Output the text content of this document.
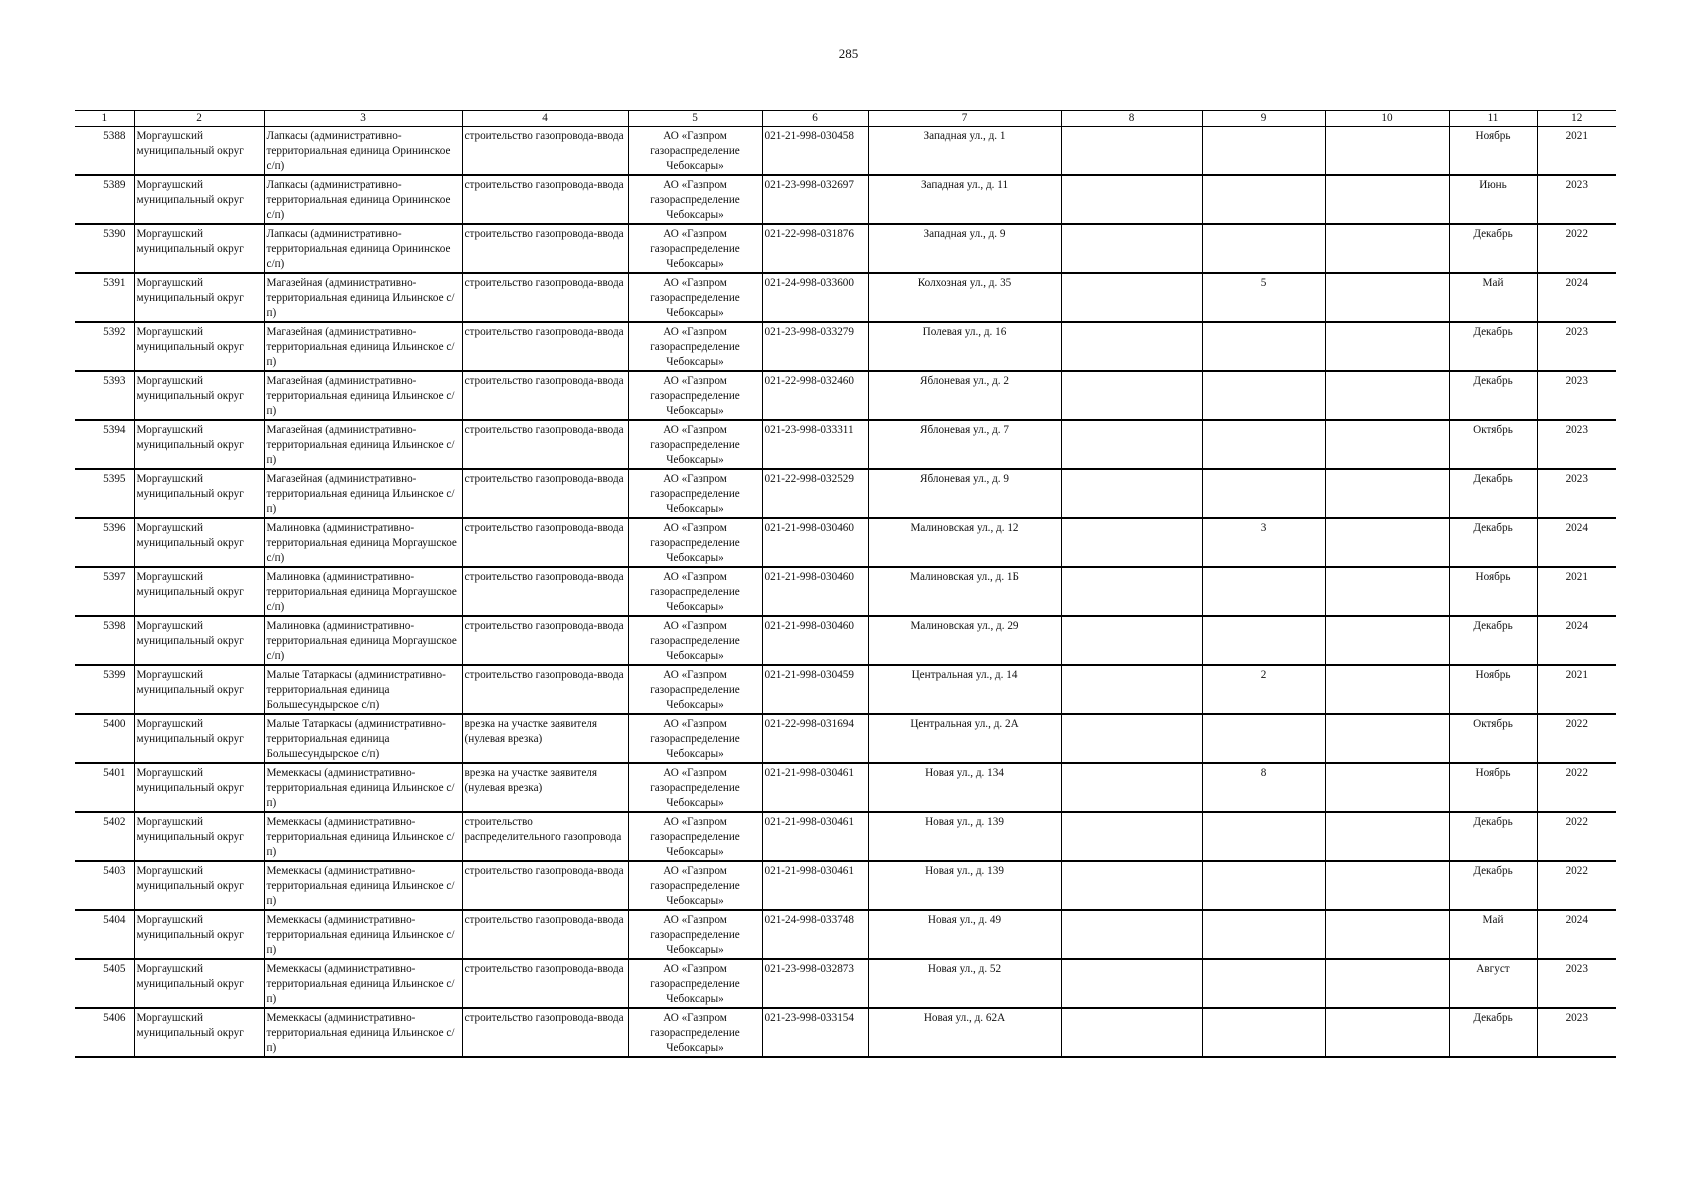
285
1	2	3	4	5	6	7	8	9	10	11	12
5388	Моргаушский муниципальный округ	Лапкасы (административно-территориальная единица Орининское с/п)	строительство газопровода-ввода	АО «Газпром газораспределение Чебоксары»	021-21-998-030458	Западная ул., д. 1				Ноябрь	2021
5389	Моргаушский муниципальный округ	Лапкасы (административно-территориальная единица Орининское с/п)	строительство газопровода-ввода	АО «Газпром газораспределение Чебоксары»	021-23-998-032697	Западная ул., д. 11				Июнь	2023
5390	Моргаушский муниципальный округ	Лапкасы (административно-территориальная единица Орининское с/п)	строительство газопровода-ввода	АО «Газпром газораспределение Чебоксары»	021-22-998-031876	Западная ул., д. 9				Декабрь	2022
5391	Моргаушский муниципальный округ	Магазейная (административно-территориальная единица Ильинское с/п)	строительство газопровода-ввода	АО «Газпром газораспределение Чебоксары»	021-24-998-033600	Колхозная ул., д. 35		5		Май	2024
5392	Моргаушский муниципальный округ	Магазейная (административно-территориальная единица Ильинское с/п)	строительство газопровода-ввода	АО «Газпром газораспределение Чебоксары»	021-23-998-033279	Полевая ул., д. 16				Декабрь	2023
5393	Моргаушский муниципальный округ	Магазейная (административно-территориальная единица Ильинское с/п)	строительство газопровода-ввода	АО «Газпром газораспределение Чебоксары»	021-22-998-032460	Яблоневая ул., д. 2				Декабрь	2023
5394	Моргаушский муниципальный округ	Магазейная (административно-территориальная единица Ильинское с/п)	строительство газопровода-ввода	АО «Газпром газораспределение Чебоксары»	021-23-998-033311	Яблоневая ул., д. 7				Октябрь	2023
5395	Моргаушский муниципальный округ	Магазейная (административно-территориальная единица Ильинское с/п)	строительство газопровода-ввода	АО «Газпром газораспределение Чебоксары»	021-22-998-032529	Яблоневая ул., д. 9				Декабрь	2023
5396	Моргаушский муниципальный округ	Малиновка (административно-территориальная единица Моргаушское с/п)	строительство газопровода-ввода	АО «Газпром газораспределение Чебоксары»	021-21-998-030460	Малиновская ул., д. 12		3		Декабрь	2024
5397	Моргаушский муниципальный округ	Малиновка (административно-территориальная единица Моргаушское с/п)	строительство газопровода-ввода	АО «Газпром газораспределение Чебоксары»	021-21-998-030460	Малиновская ул., д. 1Б				Ноябрь	2021
5398	Моргаушский муниципальный округ	Малиновка (административно-территориальная единица Моргаушское с/п)	строительство газопровода-ввода	АО «Газпром газораспределение Чебоксары»	021-21-998-030460	Малиновская ул., д. 29				Декабрь	2024
5399	Моргаушский муниципальный округ	Малые Татаркасы (административно-территориальная единица Большесундырское с/п)	строительство газопровода-ввода	АО «Газпром газораспределение Чебоксары»	021-21-998-030459	Центральная ул., д. 14		2		Ноябрь	2021
5400	Моргаушский муниципальный округ	Малые Татаркасы (административно-территориальная единица Большесундырское с/п)	врезка на участке заявителя (нулевая врезка)	АО «Газпром газораспределение Чебоксары»	021-22-998-031694	Центральная ул., д. 2А				Октябрь	2022
5401	Моргаушский муниципальный округ	Мемеккасы (административно-территориальная единица Ильинское с/п)	врезка на участке заявителя (нулевая врезка)	АО «Газпром газораспределение Чебоксары»	021-21-998-030461	Новая ул., д. 134		8		Ноябрь	2022
5402	Моргаушский муниципальный округ	Мемеккасы (административно-территориальная единица Ильинское с/п)	строительство распределительного газопровода	АО «Газпром газораспределение Чебоксары»	021-21-998-030461	Новая ул., д. 139				Декабрь	2022
5403	Моргаушский муниципальный округ	Мемеккасы (административно-территориальная единица Ильинское с/п)	строительство газопровода-ввода	АО «Газпром газораспределение Чебоксары»	021-21-998-030461	Новая ул., д. 139				Декабрь	2022
5404	Моргаушский муниципальный округ	Мемеккасы (административно-территориальная единица Ильинское с/п)	строительство газопровода-ввода	АО «Газпром газораспределение Чебоксары»	021-24-998-033748	Новая ул., д. 49				Май	2024
5405	Моргаушский муниципальный округ	Мемеккасы (административно-территориальная единица Ильинское с/п)	строительство газопровода-ввода	АО «Газпром газораспределение Чебоксары»	021-23-998-032873	Новая ул., д. 52				Август	2023
5406	Моргаушский муниципальный округ	Мемеккасы (административно-территориальная единица Ильинское с/п)	строительство газопровода-ввода	АО «Газпром газораспределение Чебоксары»	021-23-998-033154	Новая ул., д. 62А				Декабрь	2023
